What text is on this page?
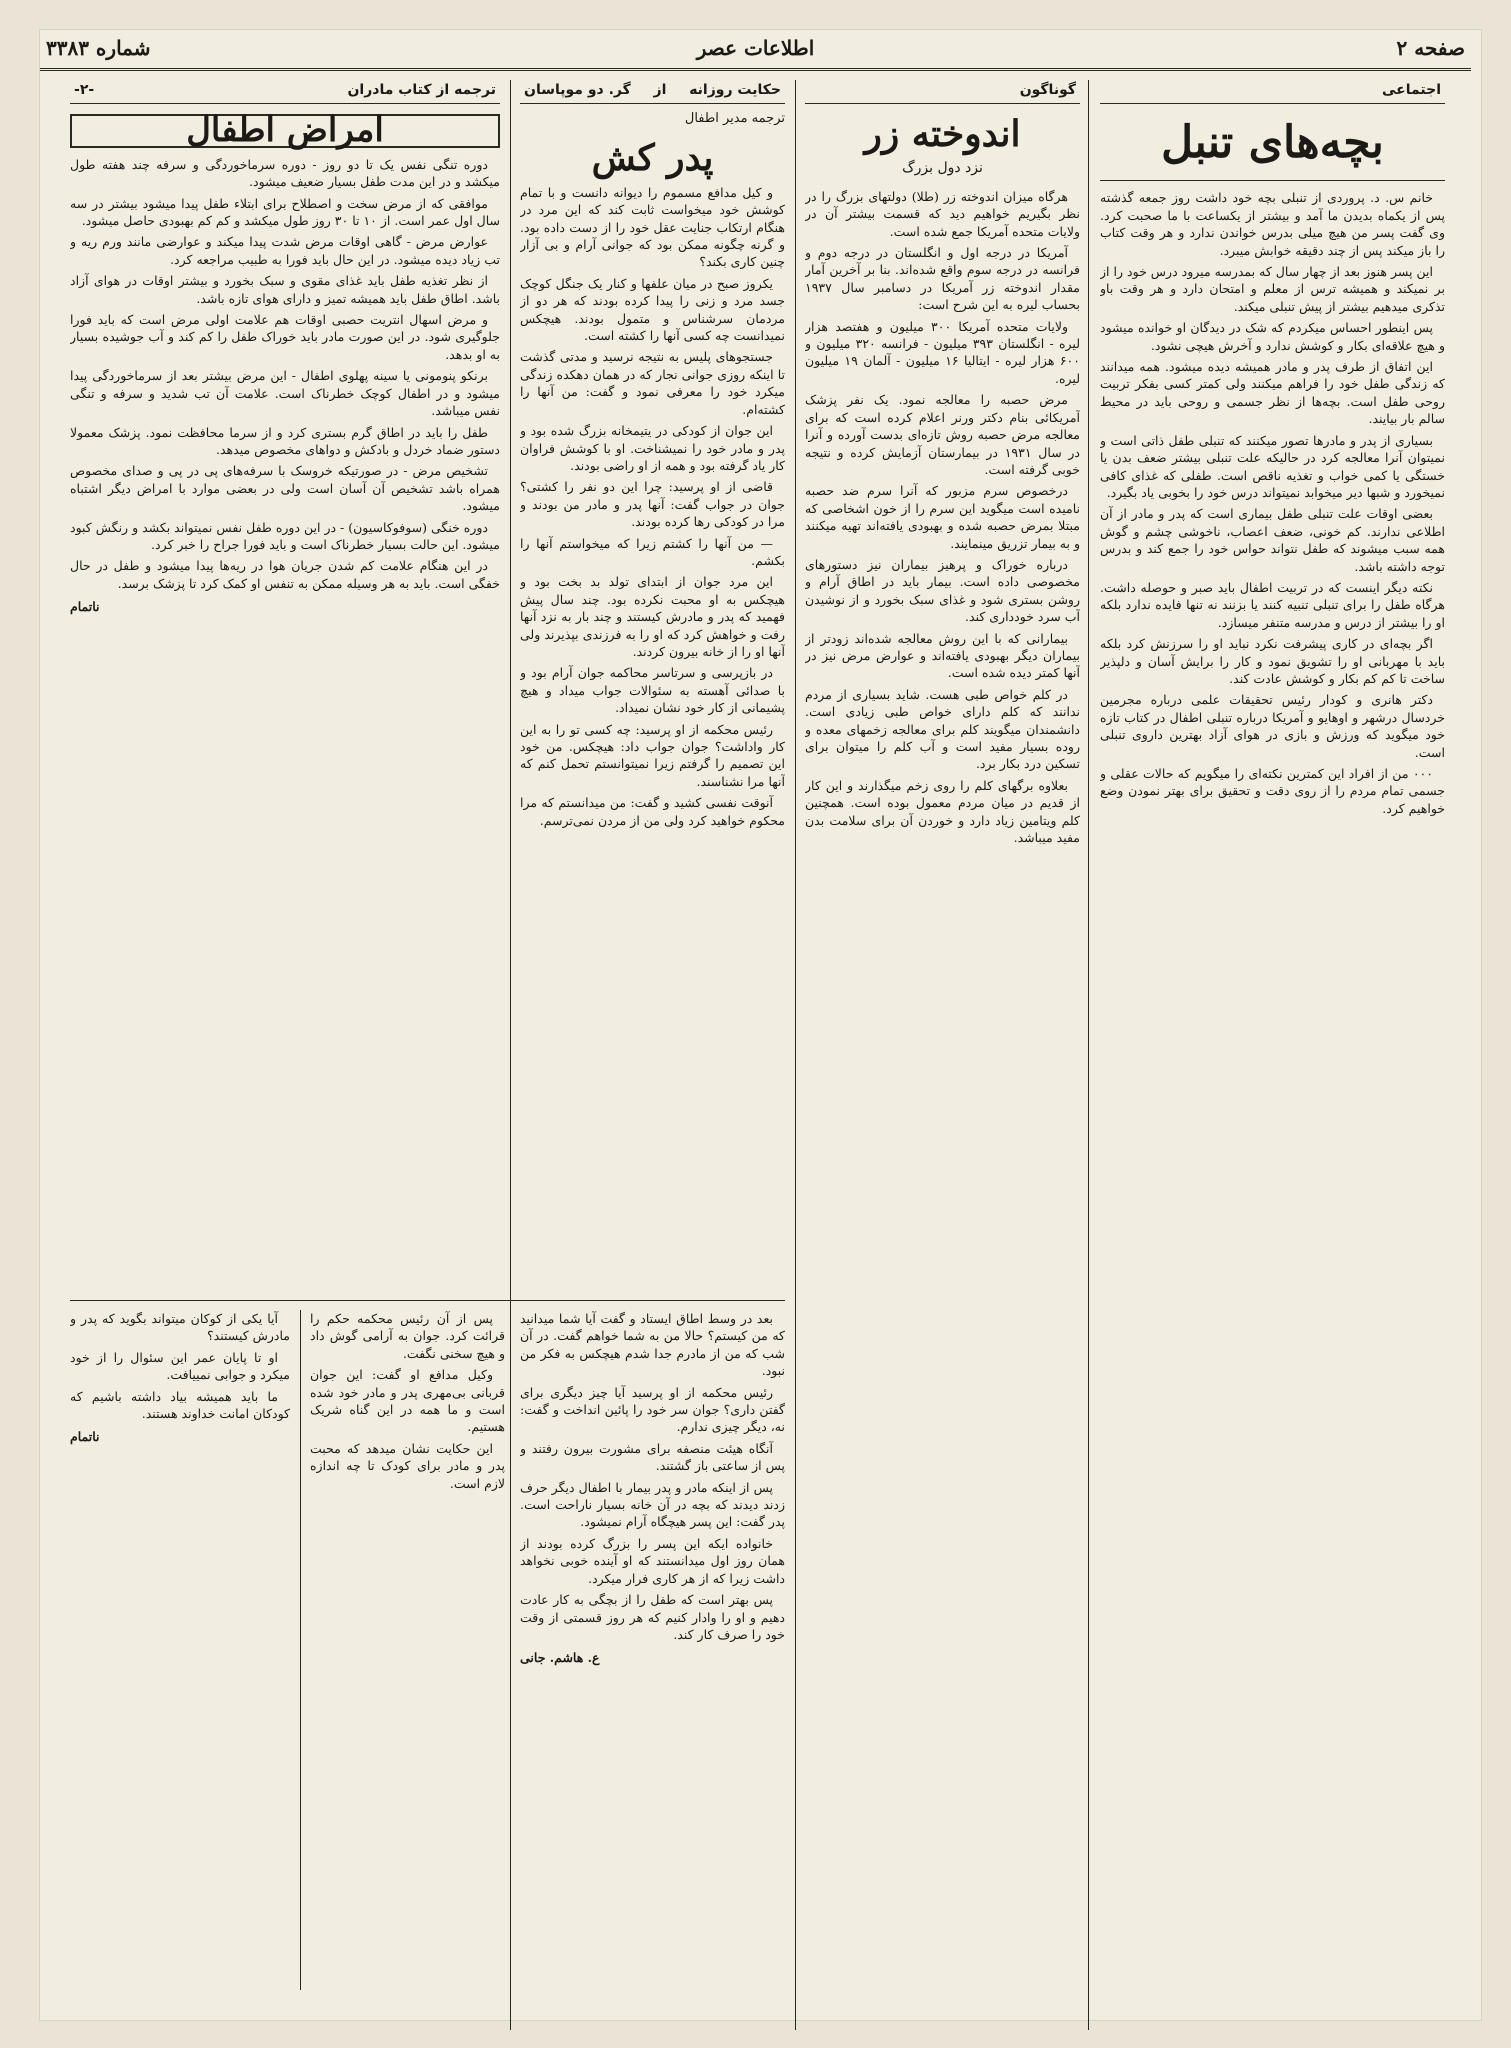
شماره ۳۳۸۳	اطلاعات عصر	صفحه ۲
اجتماعی
بچه‌های تنبل

خانم س. د. پروردی از تنبلی بچه خود داشت روز جمعه گذشته پس از یکماه بدیدن ما آمد و بیشتر از یکساعت با ما صحبت کرد. وی گفت پسر من هیچ میلی بدرس خواندن ندارد و هر وقت کتاب را باز میکند پس از چند دقیقه خوابش میبرد.

این پسر هنوز بعد از چهار سال که بمدرسه میرود درس خود را از بر نمیکند و همیشه ترس از معلم و امتحان دارد و هر وقت باو تذکری میدهیم بیشتر از پیش تنبلی میکند.

پس اینطور احساس میکردم که شک در دیدگان او خوانده میشود و هیچ علاقه‌ای بکار و کوشش ندارد و آخرش هیچی نشود.

این اتفاق از طرف پدر و مادر همیشه دیده میشود. همه میدانند که زندگی طفل خود را فراهم میکنند ولی کمتر کسی بفکر تربیت روحی طفل است. بچه‌ها از نظر جسمی و روحی باید در محیط سالم بار بیایند.

بسیاری از پدر و مادرها تصور میکنند که تنبلی طفل ذاتی است و نمیتوان آنرا معالجه کرد در حالیکه علت تنبلی بیشتر ضعف بدن یا خستگی یا کمی خواب و تغذیه ناقص است. طفلی که غذای کافی نمیخورد و شبها دیر میخوابد نمیتواند درس خود را بخوبی یاد بگیرد.

بعضی اوقات علت تنبلی طفل بیماری است که پدر و مادر از آن اطلاعی ندارند. کم خونی، ضعف اعصاب، ناخوشی چشم و گوش همه سبب میشوند که طفل نتواند حواس خود را جمع کند و بدرس توجه داشته باشد.

نکته دیگر اینست که در تربیت اطفال باید صبر و حوصله داشت. هرگاه طفل را برای تنبلی تنبیه کنند یا بزنند نه تنها فایده ندارد بلکه او را بیشتر از درس و مدرسه متنفر میسازد.

اگر بچه‌ای در کاری پیشرفت نکرد نباید او را سرزنش کرد بلکه باید با مهربانی او را تشویق نمود و کار را برایش آسان و دلپذیر ساخت تا کم کم بکار و کوشش عادت کند.

دکتر هانری و کودار رئیس تحقیقات علمی درباره مجرمین خردسال درشهر و اوهایو و آمریکا درباره تنبلی اطفال در کتاب تازه خود میگوید که ورزش و بازی در هوای آزاد بهترین داروی تنبلی است.

۰۰۰ من از افراد این کمترین نکته‌ای را میگویم که حالات عقلی و جسمی تمام مردم را از روی دقت و تحقیق برای بهتر نمودن وضع خواهیم کرد.

گوناگون
اندوخته زر
نزد دول بزرگ

هرگاه میزان اندوخته زر (طلا) دولتهای بزرگ را در نظر بگیریم خواهیم دید که قسمت بیشتر آن در ولایات متحده آمریکا جمع شده است.

آمریکا در درجه اول و انگلستان در درجه دوم و فرانسه در درجه سوم واقع شده‌اند. بنا بر آخرین آمار مقدار اندوخته زر آمریکا در دسامبر سال ۱۹۳۷ بحساب لیره به این شرح است:

ولایات متحده آمریکا ۳۰۰ میلیون و هفتصد هزار لیره - انگلستان ۳۹۳ میلیون - فرانسه ۳۲۰ میلیون و ۶۰۰ هزار لیره - ایتالیا ۱۶ میلیون - آلمان ۱۹ میلیون لیره.

مرض حصبه را معالجه نمود. یک نفر پزشک آمریکائی بنام دکتر ورنر اعلام کرده است که برای معالجه مرض حصبه روش تازه‌ای بدست آورده و آنرا در سال ۱۹۳۱ در بیمارستان آزمایش کرده و نتیجه خوبی گرفته است.

درخصوص سرم مزبور که آنرا سرم ضد حصبه نامیده است میگوید این سرم را از خون اشخاصی که مبتلا بمرض حصبه شده و بهبودی یافته‌اند تهیه میکنند و به بیمار تزریق مینمایند.

درباره خوراک و پرهیز بیماران نیز دستورهای مخصوصی داده است. بیمار باید در اطاق آرام و روشن بستری شود و غذای سبک بخورد و از نوشیدن آب سرد خودداری کند.

بیمارانی که با این روش معالجه شده‌اند زودتر از بیماران دیگر بهبودی یافته‌اند و عوارض مرض نیز در آنها کمتر دیده شده است.

در کلم خواص طبی هست. شاید بسیاری از مردم ندانند که کلم دارای خواص طبی زیادی است. دانشمندان میگویند کلم برای معالجه زخمهای معده و روده بسیار مفید است و آب کلم را میتوان برای تسکین درد بکار برد.

بعلاوه برگهای کلم را روی زخم میگذارند و این کار از قدیم در میان مردم معمول بوده است. همچنین کلم ویتامین زیاد دارد و خوردن آن برای سلامت بدن مفید میباشد.

حکایت روزانه
از
گر. دو موپاسان
ترجمه مدیر اطفال
پدر کش

و کیل مدافع مسموم را دیوانه دانست و با تمام کوشش خود میخواست ثابت کند که این مرد در هنگام ارتکاب جنایت عقل خود را از دست داده بود. و گرنه چگونه ممکن بود که جوانی آرام و بی آزار چنین کاری بکند؟

یکروز صبح در میان علفها و کنار یک جنگل کوچک جسد مرد و زنی را پیدا کرده بودند که هر دو از مردمان سرشناس و متمول بودند. هیچکس نمیدانست چه کسی آنها را کشته است.

جستجوهای پلیس به نتیجه نرسید و مدتی گذشت تا اینکه روزی جوانی نجار که در همان دهکده زندگی میکرد خود را معرفی نمود و گفت: من آنها را کشته‌ام.

این جوان از کودکی در یتیمخانه بزرگ شده بود و پدر و مادر خود را نمیشناخت. او با کوشش فراوان کار یاد گرفته بود و همه از او راضی بودند.

قاضی از او پرسید: چرا این دو نفر را کشتی؟ جوان در جواب گفت: آنها پدر و مادر من بودند و مرا در کودکی رها کرده بودند.

— من آنها را کشتم زیرا که میخواستم آنها را بکشم.

این مرد جوان از ابتدای تولد بد بخت بود و هیچکس به او محبت نکرده بود. چند سال پیش فهمید که پدر و مادرش کیستند و چند بار به نزد آنها رفت و خواهش کرد که او را به فرزندی بپذیرند ولی آنها او را از خانه بیرون کردند.

در بازپرسی و سرتاسر محاکمه جوان آرام بود و با صدائی آهسته به سئوالات جواب میداد و هیچ پشیمانی از کار خود نشان نمیداد.

رئیس محکمه از او پرسید: چه کسی تو را به این کار واداشت؟ جوان جواب داد: هیچکس. من خود این تصمیم را گرفتم زیرا نمیتوانستم تحمل کنم که آنها مرا نشناسند.

آنوقت نفسی کشید و گفت: من میدانستم که مرا محکوم خواهید کرد ولی من از مردن نمی‌ترسم.

ترجمه از کتاب مادران
-۲-
امراض اطفال

دوره تنگی نفس یک تا دو روز - دوره سرماخوردگی و سرفه چند هفته طول میکشد و در این مدت طفل بسیار ضعیف میشود.

موافقی که از مرض سخت و اصطلاح برای ابتلاء طفل پیدا میشود بیشتر در سه سال اول عمر است. از ۱۰ تا ۳۰ روز طول میکشد و کم کم بهبودی حاصل میشود.

عوارض مرض - گاهی اوقات مرض شدت پیدا میکند و عوارضی مانند ورم ریه و تب زیاد دیده میشود. در این حال باید فورا به طبیب مراجعه کرد.

از نظر تغذیه طفل باید غذای مقوی و سبک بخورد و بیشتر اوقات در هوای آزاد باشد. اطاق طفل باید همیشه تمیز و دارای هوای تازه باشد.

و مرض اسهال انتریت حصبی اوقات هم علامت اولی مرض است که باید فورا جلوگیری شود. در این صورت مادر باید خوراک طفل را کم کند و آب جوشیده بسیار به او بدهد.

برنکو پنومونی یا سینه پهلوی اطفال - این مرض بیشتر بعد از سرماخوردگی پیدا میشود و در اطفال کوچک خطرناک است. علامت آن تب شدید و سرفه و تنگی نفس میباشد.

طفل را باید در اطاق گرم بستری کرد و از سرما محافظت نمود. پزشک معمولا دستور ضماد خردل و بادکش و دواهای مخصوص میدهد.

تشخیص مرض - در صورتیکه خروسک با سرفه‌های پی در پی و صدای مخصوص همراه باشد تشخیص آن آسان است ولی در بعضی موارد با امراض دیگر اشتباه میشود.

دوره خنگی (سوفوکاسیون) - در این دوره طفل نفس نمیتواند بکشد و رنگش کبود میشود. این حالت بسیار خطرناک است و باید فورا جراح را خبر کرد.

در این هنگام علامت کم شدن جریان هوا در ریه‌ها پیدا میشود و طفل در حال خفگی است. باید به هر وسیله ممکن به تنفس او کمک کرد تا پزشک برسد.

ناتمام

بعد در وسط اطاق ایستاد و گفت آیا شما میدانید که من کیستم؟ حالا من به شما خواهم گفت. در آن شب که من از مادرم جدا شدم هیچکس به فکر من نبود.

رئیس محکمه از او پرسید آیا چیز دیگری برای گفتن داری؟ جوان سر خود را پائین انداخت و گفت: نه، دیگر چیزی ندارم.

آنگاه هیئت منصفه برای مشورت بیرون رفتند و پس از ساعتی باز گشتند.

پس از اینکه مادر و پدر بیمار با اطفال دیگر حرف زدند دیدند که بچه در آن خانه بسیار ناراحت است. پدر گفت: این پسر هیچگاه آرام نمیشود.

خانواده ایکه این پسر را بزرگ کرده بودند از همان روز اول میدانستند که او آینده خوبی نخواهد داشت زیرا که از هر کاری فرار میکرد.

پس بهتر است که طفل را از بچگی به کار عادت دهیم و او را وادار کنیم که هر روز قسمتی از وقت خود را صرف کار کند.

ع. هاشم. جانی

پس از آن رئیس محکمه حکم را قرائت کرد. جوان به آرامی گوش داد و هیچ سخنی نگفت.

وکیل مدافع او گفت: این جوان قربانی بی‌مهری پدر و مادر خود شده است و ما همه در این گناه شریک هستیم.

این حکایت نشان میدهد که محبت پدر و مادر برای کودک تا چه اندازه لازم است.

آیا یکی از کوکان میتواند بگوید که پدر و مادرش کیستند؟

او تا پایان عمر این سئوال را از خود میکرد و جوابی نمییافت.

ما باید همیشه بیاد داشته باشیم که کودکان امانت خداوند هستند.

ناتمام
